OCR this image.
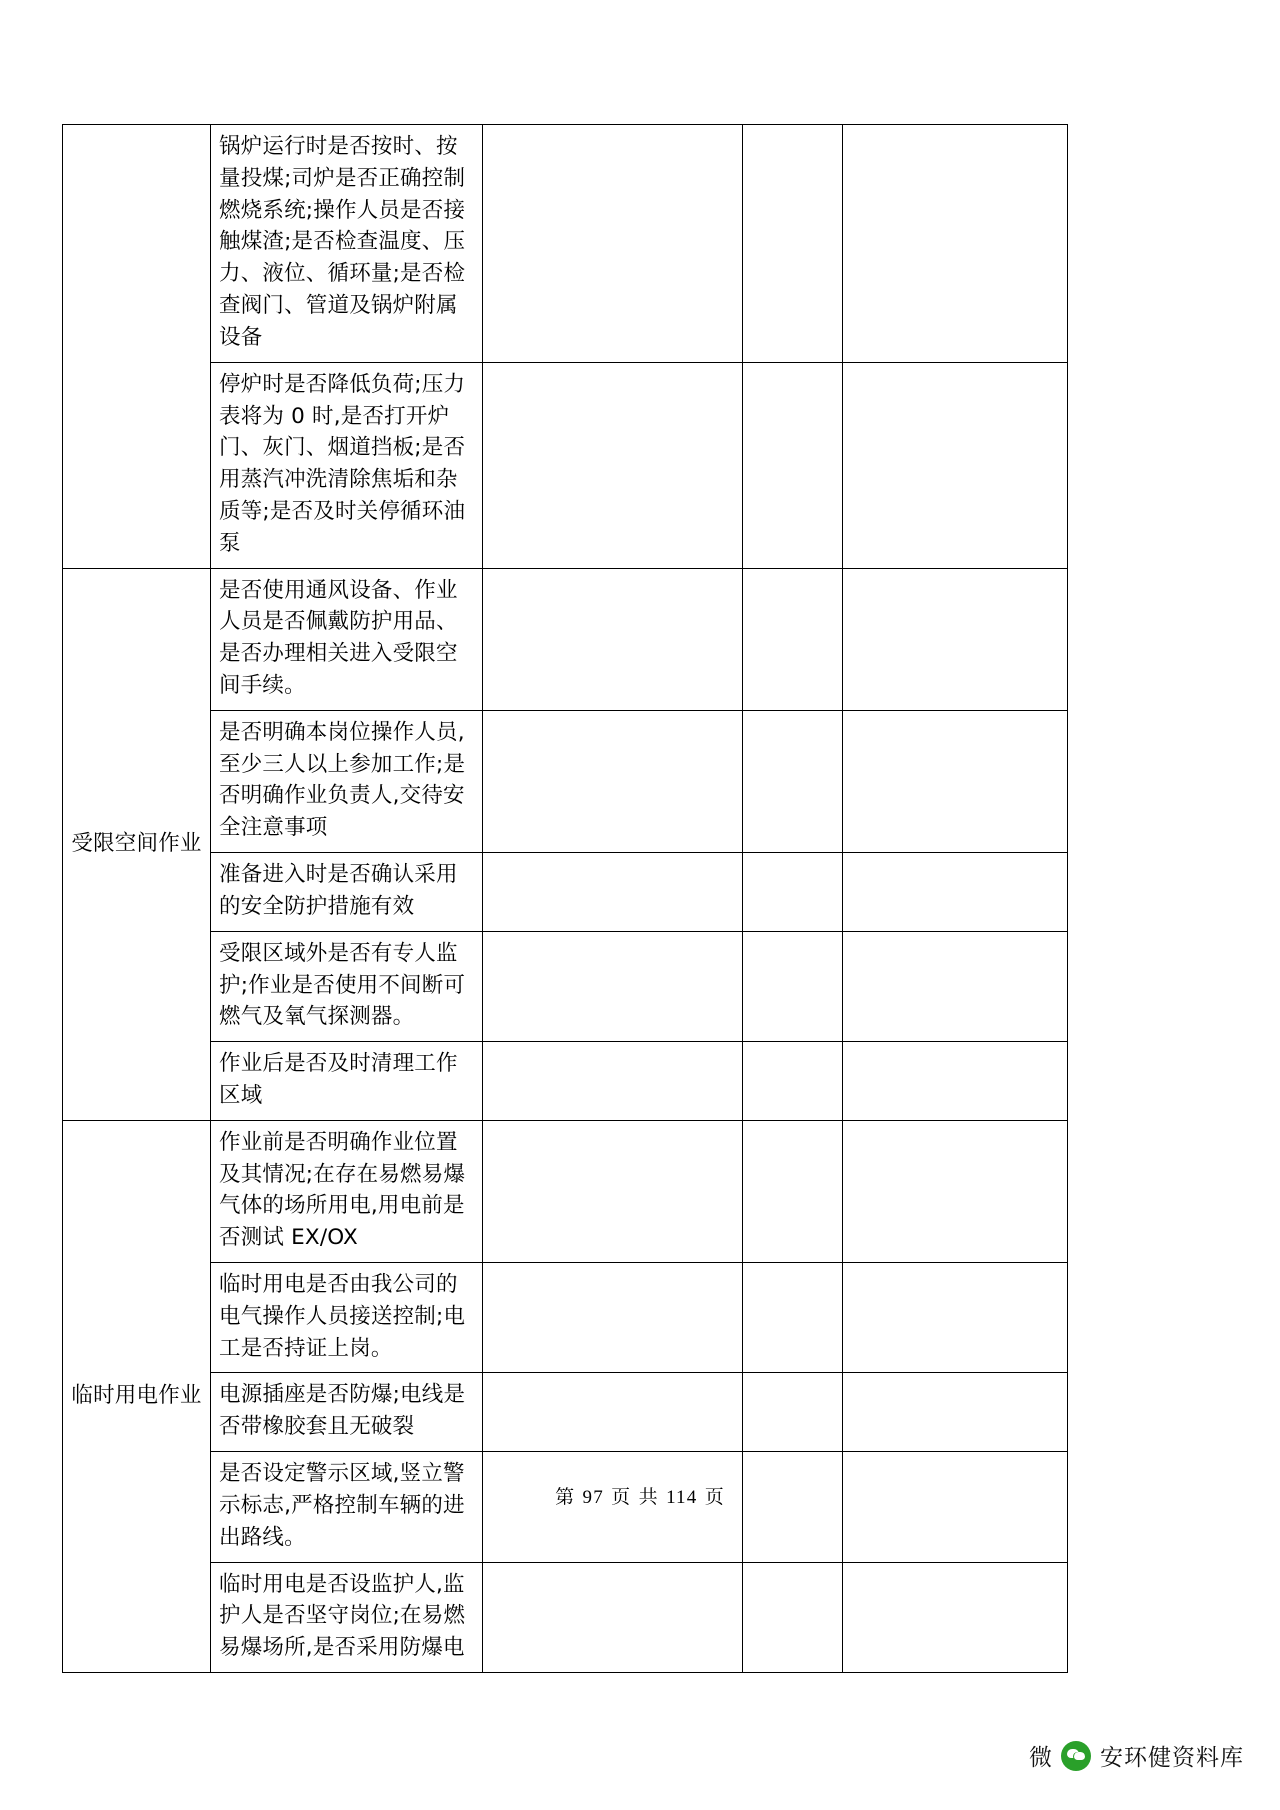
	锅炉运行时是否按时、按量投煤;司炉是否正确控制燃烧系统;操作人员是否接触煤渣;是否检查温度、压力、液位、循环量;是否检查阀门、管道及锅炉附属设备			
	停炉时是否降低负荷;压力表将为 0 时,是否打开炉门、灰门、烟道挡板;是否用蒸汽冲洗清除焦垢和杂质等;是否及时关停循环油泵			
受限空间作业	是否使用通风设备、作业人员是否佩戴防护用品、是否办理相关进入受限空间手续。			
	是否明确本岗位操作人员,至少三人以上参加工作;是否明确作业负责人,交待安全注意事项			
	准备进入时是否确认采用的安全防护措施有效			
	受限区域外是否有专人监护;作业是否使用不间断可燃气及氧气探测器。			
	作业后是否及时清理工作区域			
临时用电作业	作业前是否明确作业位置及其情况;在存在易燃易爆气体的场所用电,用电前是否测试 EX/OX			
	临时用电是否由我公司的电气操作人员接送控制;电工是否持证上岗。			
	电源插座是否防爆;电线是否带橡胶套且无破裂			
	是否设定警示区域,竖立警示标志,严格控制车辆的进出路线。			
	临时用电是否设监护人,监护人是否坚守岗位;在易燃易爆场所,是否采用防爆电			
第 97 页 共 114 页
微 安环健资料库
